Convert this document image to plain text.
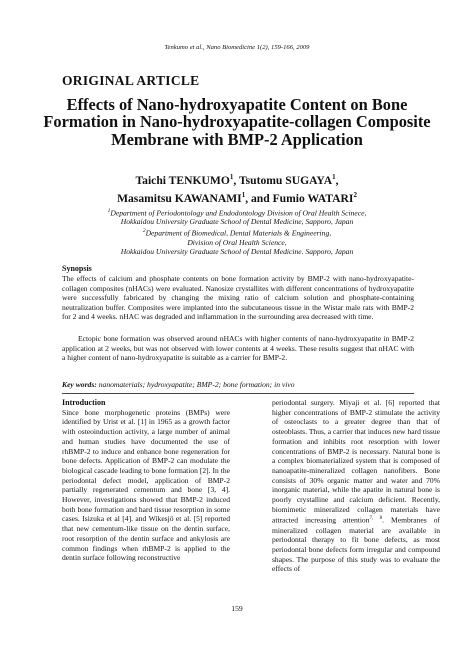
Tenkumo et al., Nano Biomedicine 1(2), 159-166, 2009
ORIGINAL ARTICLE
Effects of Nano-hydroxyapatite Content on Bone Formation in Nano-hydroxyapatite-collagen Composite Membrane with BMP-2 Application
Taichi TENKUMO$^1$, Tsutomu SUGAYA$^1$,
Masamitsu KAWANAMI$^1$, and Fumio WATARI$^2$
$^1$Department of Periodontology and Endodontology Division of Oral Health Scinece,
Hokkaidou University Graduate School of Dental Medicine, Sapporo, Japan
$^2$Department of Biomedical, Dental Materials & Engineering,
Division of Oral Health Science,
Hokkaidou University Graduate School of Dental Medicine. Sapporo, Japan
Synopsis

The effects of calcium and phosphate contents on bone formation activity by BMP-2 with nano-hydroxyapatite-collagen composites (nHACs) were evaluated. Nanosize crystallites with different concentrations of hydroxyapatite were successfully fabricated by changing the mixing ratio of calcium solution and phosphate-containing neutralization buffer. Composites were implanted into the subcutaneous tissue in the Wistar male rats with BMP-2 for 2 and 4 weeks. nHAC was degraded and inflammation in the surrounding area decreased with time.

Ectopic bone formation was observed around nHACs with higher contents of nano-hydroxyapatite in BMP-2 application at 2 weeks, but was not observed with lower contents at 4 weeks. These results suggest that nHAC with a higher content of nano-hydroxyapatite is suitable as a carrier for BMP-2.

Key words: nanomaterials; hydroxyapatite; BMP-2; bone formation; in vivo
Introduction

Since bone morphogenetic proteins (BMPs) were identified by Urist et al. [1] in 1965 as a growth factor with osteoinduction activity, a large number of animal and human studies have documented the use of rhBMP-2 to induce and enhance bone regeneration for bone defects. Application of BMP-2 can modulate the biological cascade leading to bone formation [2]. In the periodontal defect model, application of BMP-2 partially regenerated cementum and bone [3, 4]. However, investigations showed that BMP-2 induced both bone formation and hard tissue resorption in some cases. Isizuka et al [4]. and Wikesjö et al. [5] reported that new cementum-like tissue on the dentin surface, root resorption of the dentin surface and ankylosis are common findings when rhBMP-2 is applied to the dentin surface following reconstructive

periodontal surgery. Miyaji et al. [6] reported that higher concentrations of BMP-2 stimulate the activity of osteoclasts to a greater degree than that of osteoblasts. Thus, a carrier that induces new hard tissue formation and inhibits root resorption with lower concentrations of BMP-2 is necessary. Natural bone is a complex biomaterialized system that is composed of nanoapatite-mineralized collagen nanofibers. Bone consists of 30% organic matter and water and 70% inorganic material, while the apatite in natural bone is poorly crystalline and calcium deficient. Recently, biomimetic mineralized collagen materials have attracted increasing attention$^{7, 8}$. Membranes of mineralized collagen material are available in periodontal therapy to fit bone defects, as most periodontal bone defects form irregular and compound shapes. The purpose of this study was to evaluate the effects of

159
